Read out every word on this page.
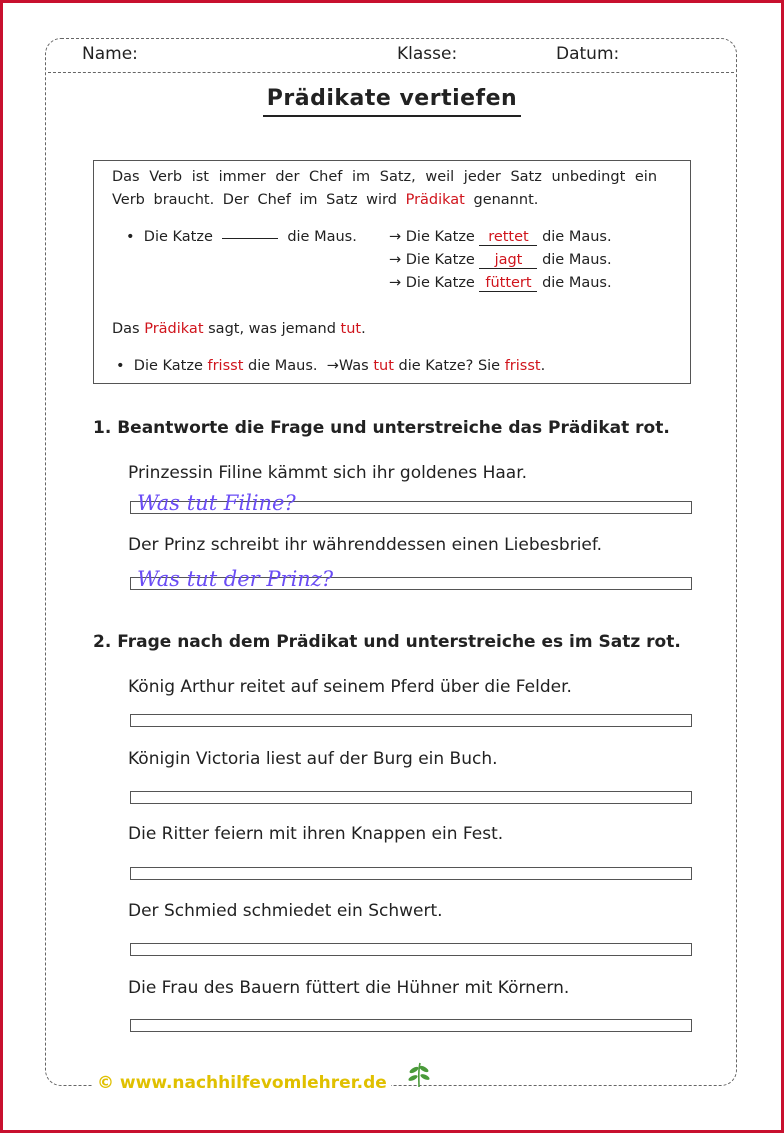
Name:	Klasse:	Datum:
Prädikate vertiefen
Das Verb ist immer der Chef im Satz, weil jeder Satz unbedingt ein
Verb braucht. Der Chef im Satz wird Prädikat genannt.
• Die Katze	die Maus. → Die Katze rettet die Maus.
→ Die Katze jagt die Maus.
→ Die Katze füttert die Maus.
Das Prädikat sagt, was jemand tut.
• Die Katze frisst die Maus. →Was tut die Katze? Sie frisst.
1. Beantworte die Frage und unterstreiche das Prädikat rot.
Prinzessin Filine kämmt sich ihr goldenes Haar.
Was tut Filine?
Der Prinz schreibt ihr währenddessen einen Liebesbrief.
Was tut der Prinz?
2. Frage nach dem Prädikat und unterstreiche es im Satz rot.
König Arthur reitet auf seinem Pferd über die Felder.
Königin Victoria liest auf der Burg ein Buch.
Die Ritter feiern mit ihren Knappen ein Fest.
Der Schmied schmiedet ein Schwert.
Die Frau des Bauern füttert die Hühner mit Körnern.
© www.nachhilfevomlehrer.de
